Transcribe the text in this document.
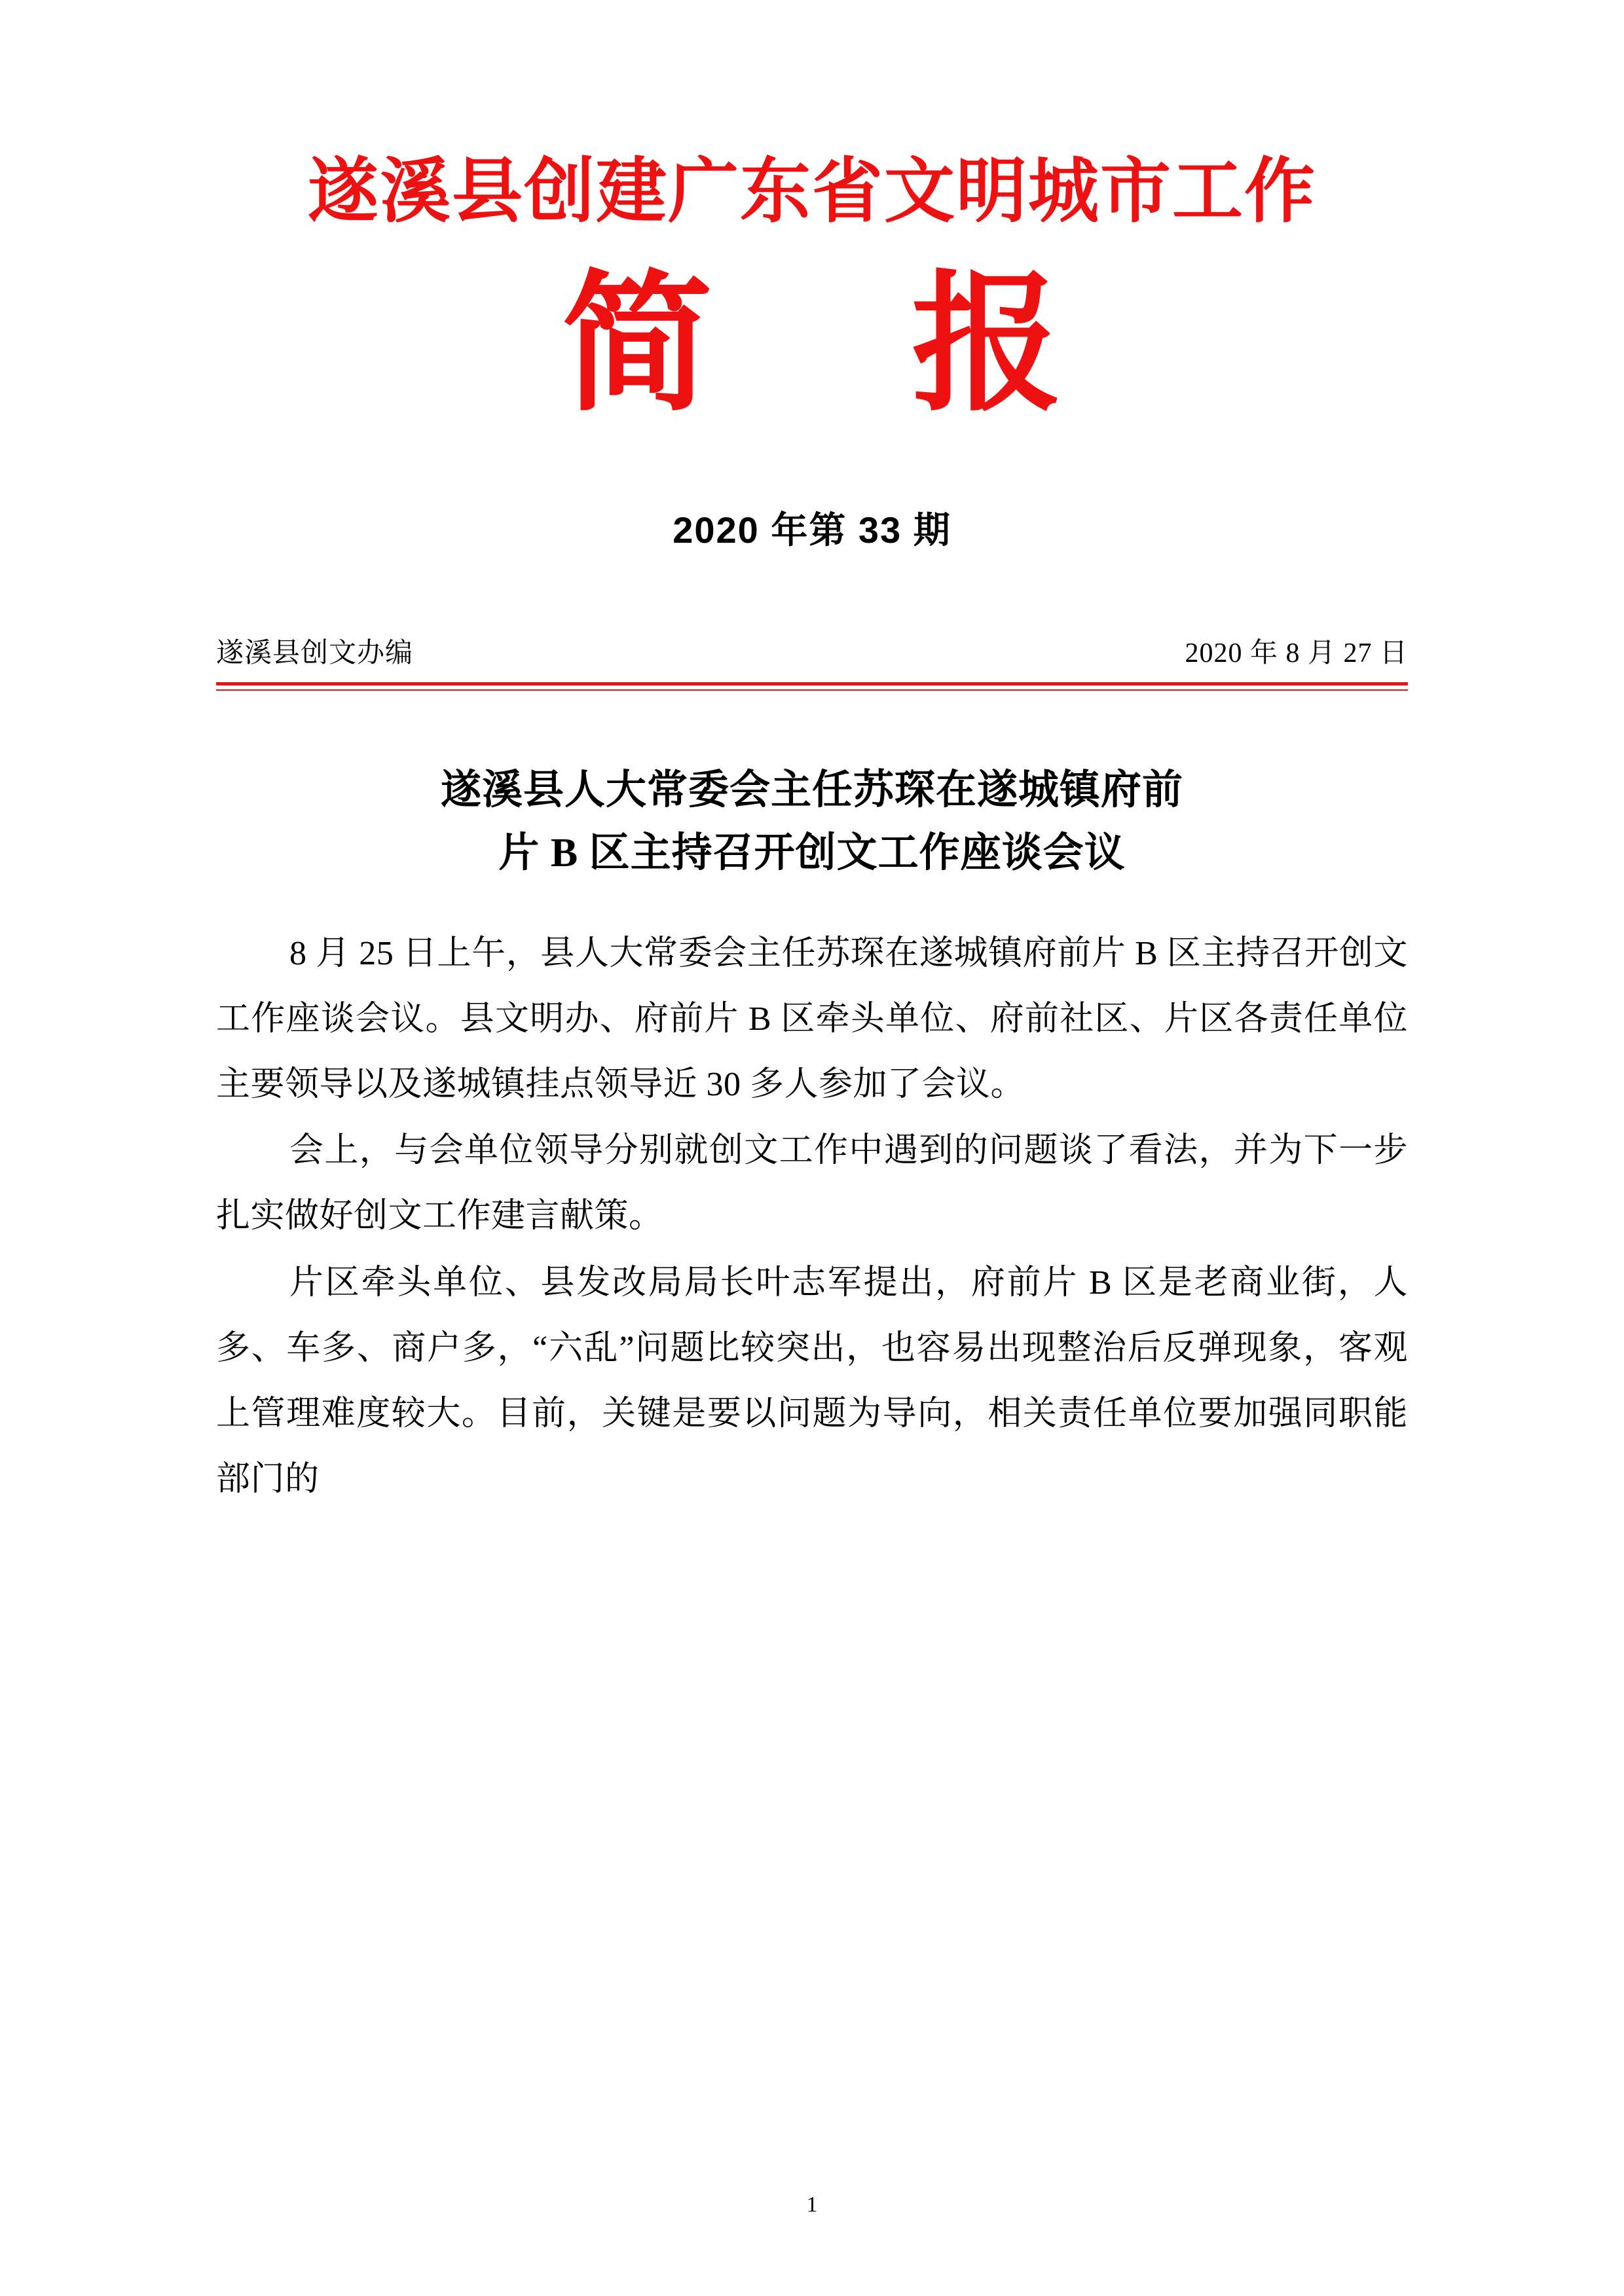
遂溪县创建广东省文明城市工作
简 报
2020 年第 33 期
遂溪县创文办编	2020 年 8 月 27 日
遂溪县人大常委会主任苏琛在遂城镇府前
片 B 区主持召开创文工作座谈会议

8 月 25 日上午，县人大常委会主任苏琛在遂城镇府前片 B 区主持召开创文工作座谈会议。县文明办、府前片 B 区牵头单位、府前社区、片区各责任单位主要领导以及遂城镇挂点领导近 30 多人参加了会议。

会上，与会单位领导分别就创文工作中遇到的问题谈了看法，并为下一步扎实做好创文工作建言献策。

片区牵头单位、县发改局局长叶志军提出，府前片 B 区是老商业街，人多、车多、商户多，“六乱”问题比较突出，也容易出现整治后反弹现象，客观上管理难度较大。目前，关键是要以问题为导向，相关责任单位要加强同职能部门的

1
